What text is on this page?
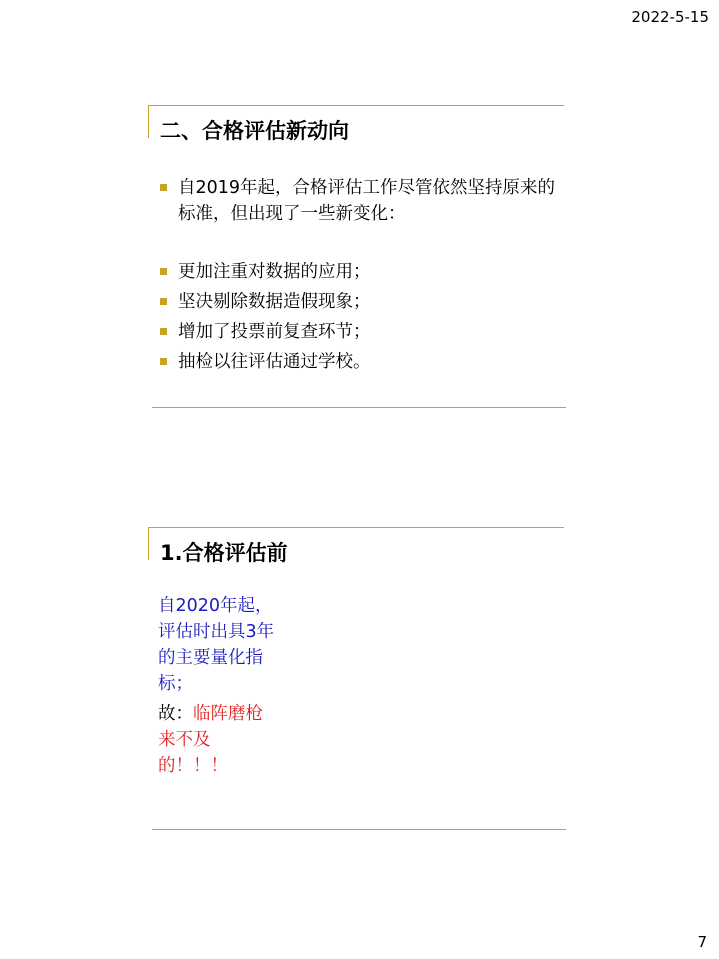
2022-5-15
二、合格评估新动向
自2019年起，合格评估工作尽管依然坚持原来的标准，但出现了一些新变化：
更加注重对数据的应用；
坚决剔除数据造假现象；
增加了投票前复查环节；
抽检以往评估通过学校。
1.合格评估前
自2020年起，评估时出具3年的主要量化指标；
故：临阵磨枪来不及的！！！
7
